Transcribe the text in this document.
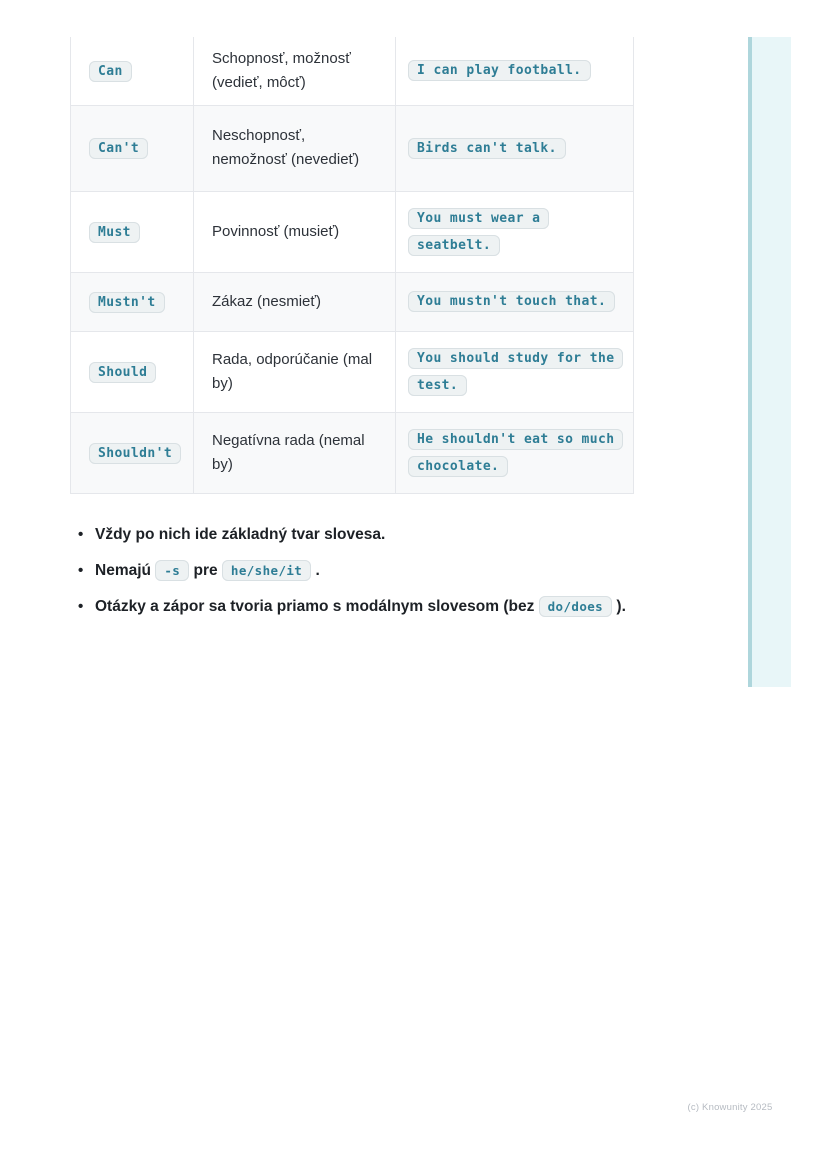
Can	Schopnosť, možnosť (vedieť, môcť)	I can play football.
Can't	Neschopnosť, nemožnosť (nevedieť)	Birds can't talk.
Must	Povinnosť (musieť)	You must wear a seatbelt.
Mustn't	Zákaz (nesmieť)	You mustn't touch that.
Should	Rada, odporúčanie (mal by)	You should study for the test.
Shouldn't	Negatívna rada (nemal by)	He shouldn't eat so much chocolate.
• Vždy po nich ide základný tvar slovesa.
• Nemajú -s pre he/she/it .
• Otázky a zápor sa tvoria priamo s modálnym slovesom (bez do/does ).
(c) Knowunity 2025
